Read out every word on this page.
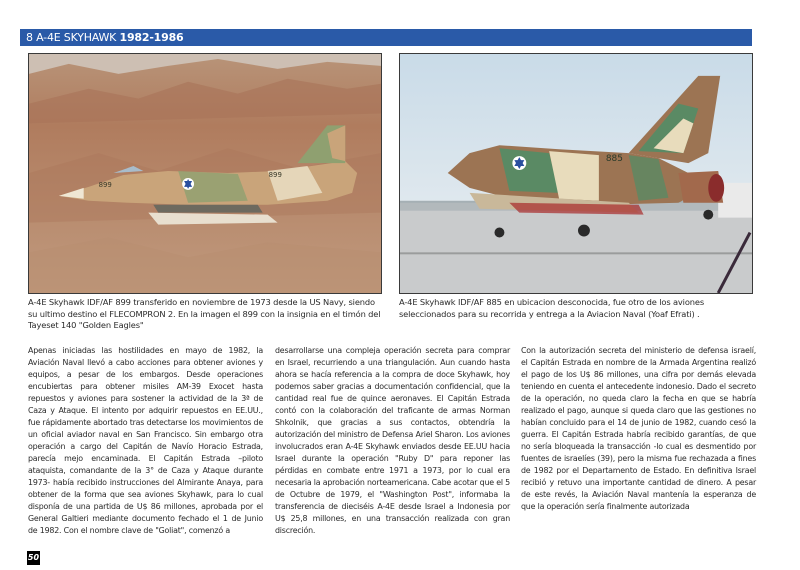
8 A-4E SKYHAWK 1982-1986
899
899
885
A-4E Skyhawk IDF/AF 899 transferido en noviembre de 1973 desde la US Navy, siendo su ultimo destino el FLECOMPRON 2. En la imagen el 899 con la insignia en el timón del Tayeset 140 "Golden Eagles"
A-4E Skyhawk IDF/AF 885 en ubicacion desconocida, fue otro de los aviones seleccionados para su recorrida y entrega a la Aviacion Naval (Yoaf Efrati) .
Apenas iniciadas las hostilidades en mayo de 1982, la Aviación Naval llevó a cabo acciones para obtener aviones y equipos, a pesar de los embargos. Desde operaciones encubiertas para obtener misiles AM-39 Exocet hasta repuestos y aviones para sostener la actividad de la 3ª de Caza y Ataque. El intento por adquirir repuestos en EE.UU., fue rápidamente abortado tras detectarse los movimientos de un oficial aviador naval en San Francisco. Sin embargo otra operación a cargo del Capitán de Navío Horacio Estrada, parecía mejo encaminada. El Capitán Estrada –piloto ataquista, comandante de la 3° de Caza y Ataque durante 1973- había recibido instrucciones del Almirante Anaya, para obtener de la forma que sea aviones Skyhawk, para lo cual disponía de una partida de U$ 86 millones, aprobada por el General Galtieri mediante documento fechado el 1 de Junio de 1982. Con el nombre clave de "Goliat", comenzó a
desarrollarse una compleja operación secreta para comprar en Israel, recurriendo a una triangulación. Aun cuando hasta ahora se hacía referencia a la compra de doce Skyhawk, hoy podemos saber gracias a documentación confidencial, que la cantidad real fue de quince aeronaves. El Capitán Estrada contó con la colaboración del traficante de armas Norman Shkolnik, que gracias a sus contactos, obtendría la autorización del ministro de Defensa Ariel Sharon. Los aviones involucrados eran A-4E Skyhawk enviados desde EE.UU hacia Israel durante la operación "Ruby D" para reponer las pérdidas en combate entre 1971 a 1973, por lo cual era necesaria la aprobación norteamericana. Cabe acotar que el 5 de Octubre de 1979, el "Washington Post", informaba la transferencia de dieciséis A-4E desde Israel a Indonesia por U$ 25,8 millones, en una transacción realizada con gran discreción.
Con la autorización secreta del ministerio de defensa israelí, el Capitán Estrada en nombre de la Armada Argentina realizó el pago de los U$ 86 millones, una cifra por demás elevada teniendo en cuenta el antecedente indonesio. Dado el secreto de la operación, no queda claro la fecha en que se habría realizado el pago, aunque si queda claro que las gestiones no habían concluido para el 14 de junio de 1982, cuando cesó la guerra. El Capitán Estrada habría recibido garantías, de que no sería bloqueada la transacción -lo cual es desmentido por fuentes de israelíes (39), pero la misma fue rechazada a fines de 1982 por el Departamento de Estado. En definitiva Israel recibió y retuvo una importante cantidad de dinero. A pesar de este revés, la Aviación Naval mantenía la esperanza de que la operación sería finalmente autorizada
50
